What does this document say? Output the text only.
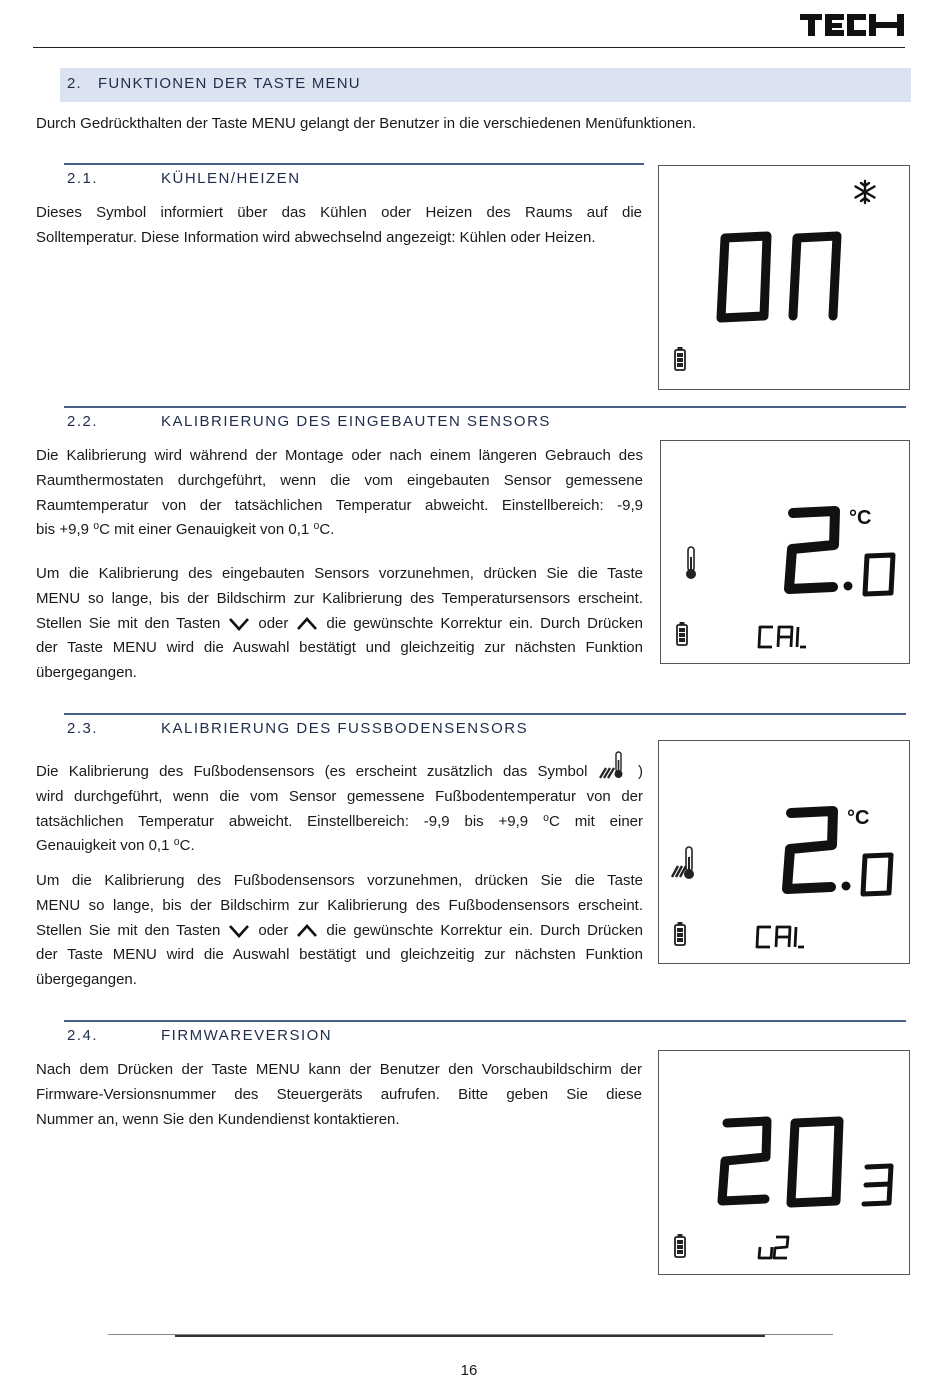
TECH
2.   FUNKTIONEN DER TASTE MENU
Durch Gedrückthalten der Taste MENU gelangt der Benutzer in die verschiedenen Menüfunktionen.
2.1.	KÜHLEN/HEIZEN
Dieses Symbol informiert über das Kühlen oder Heizen des Raums auf die
Solltemperatur. Diese Information wird abwechselnd angezeigt: Kühlen oder Heizen.
2.2.	KALIBRIERUNG DES EINGEBAUTEN SENSORS
Die Kalibrierung wird während der Montage oder nach einem längeren Gebrauch des
Raumthermostaten durchgeführt, wenn die vom eingebauten Sensor gemessene
Raumtemperatur von der tatsächlichen Temperatur abweicht. Einstellbereich: -9,9
bis +9,9 ⁰C mit einer Genauigkeit von 0,1 ⁰C.
Um die Kalibrierung des eingebauten Sensors vorzunehmen, drücken Sie die Taste
MENU so lange, bis der Bildschirm zur Kalibrierung des Temperatursensors erscheint.
Stellen Sie mit den Tasten	oder	die gewünschte Korrektur ein. Durch Drücken
der Taste MENU wird die Auswahl bestätigt und gleichzeitig zur nächsten Funktion
übergegangen.
°C
2.3.	KALIBRIERUNG DES FUSSBODENSENSORS
Die Kalibrierung des Fußbodensensors (es erscheint zusätzlich das Symbol	)
wird durchgeführt, wenn die vom Sensor gemessene Fußbodentemperatur von der
tatsächlichen Temperatur abweicht. Einstellbereich: -9,9 bis +9,9 ⁰C mit einer
Genauigkeit von 0,1 ⁰C.
Um die Kalibrierung des Fußbodensensors vorzunehmen, drücken Sie die Taste
MENU so lange, bis der Bildschirm zur Kalibrierung des Fußbodensensors erscheint.
Stellen Sie mit den Tasten	oder	die gewünschte Korrektur ein. Durch Drücken
der Taste MENU wird die Auswahl bestätigt und gleichzeitig zur nächsten Funktion
übergegangen.
°C
2.4.	FIRMWAREVERSION
Nach dem Drücken der Taste MENU kann der Benutzer den Vorschaubildschirm der
Firmware-Versionsnummer des Steuergeräts aufrufen. Bitte geben Sie diese
Nummer an, wenn Sie den Kundendienst kontaktieren.
16
